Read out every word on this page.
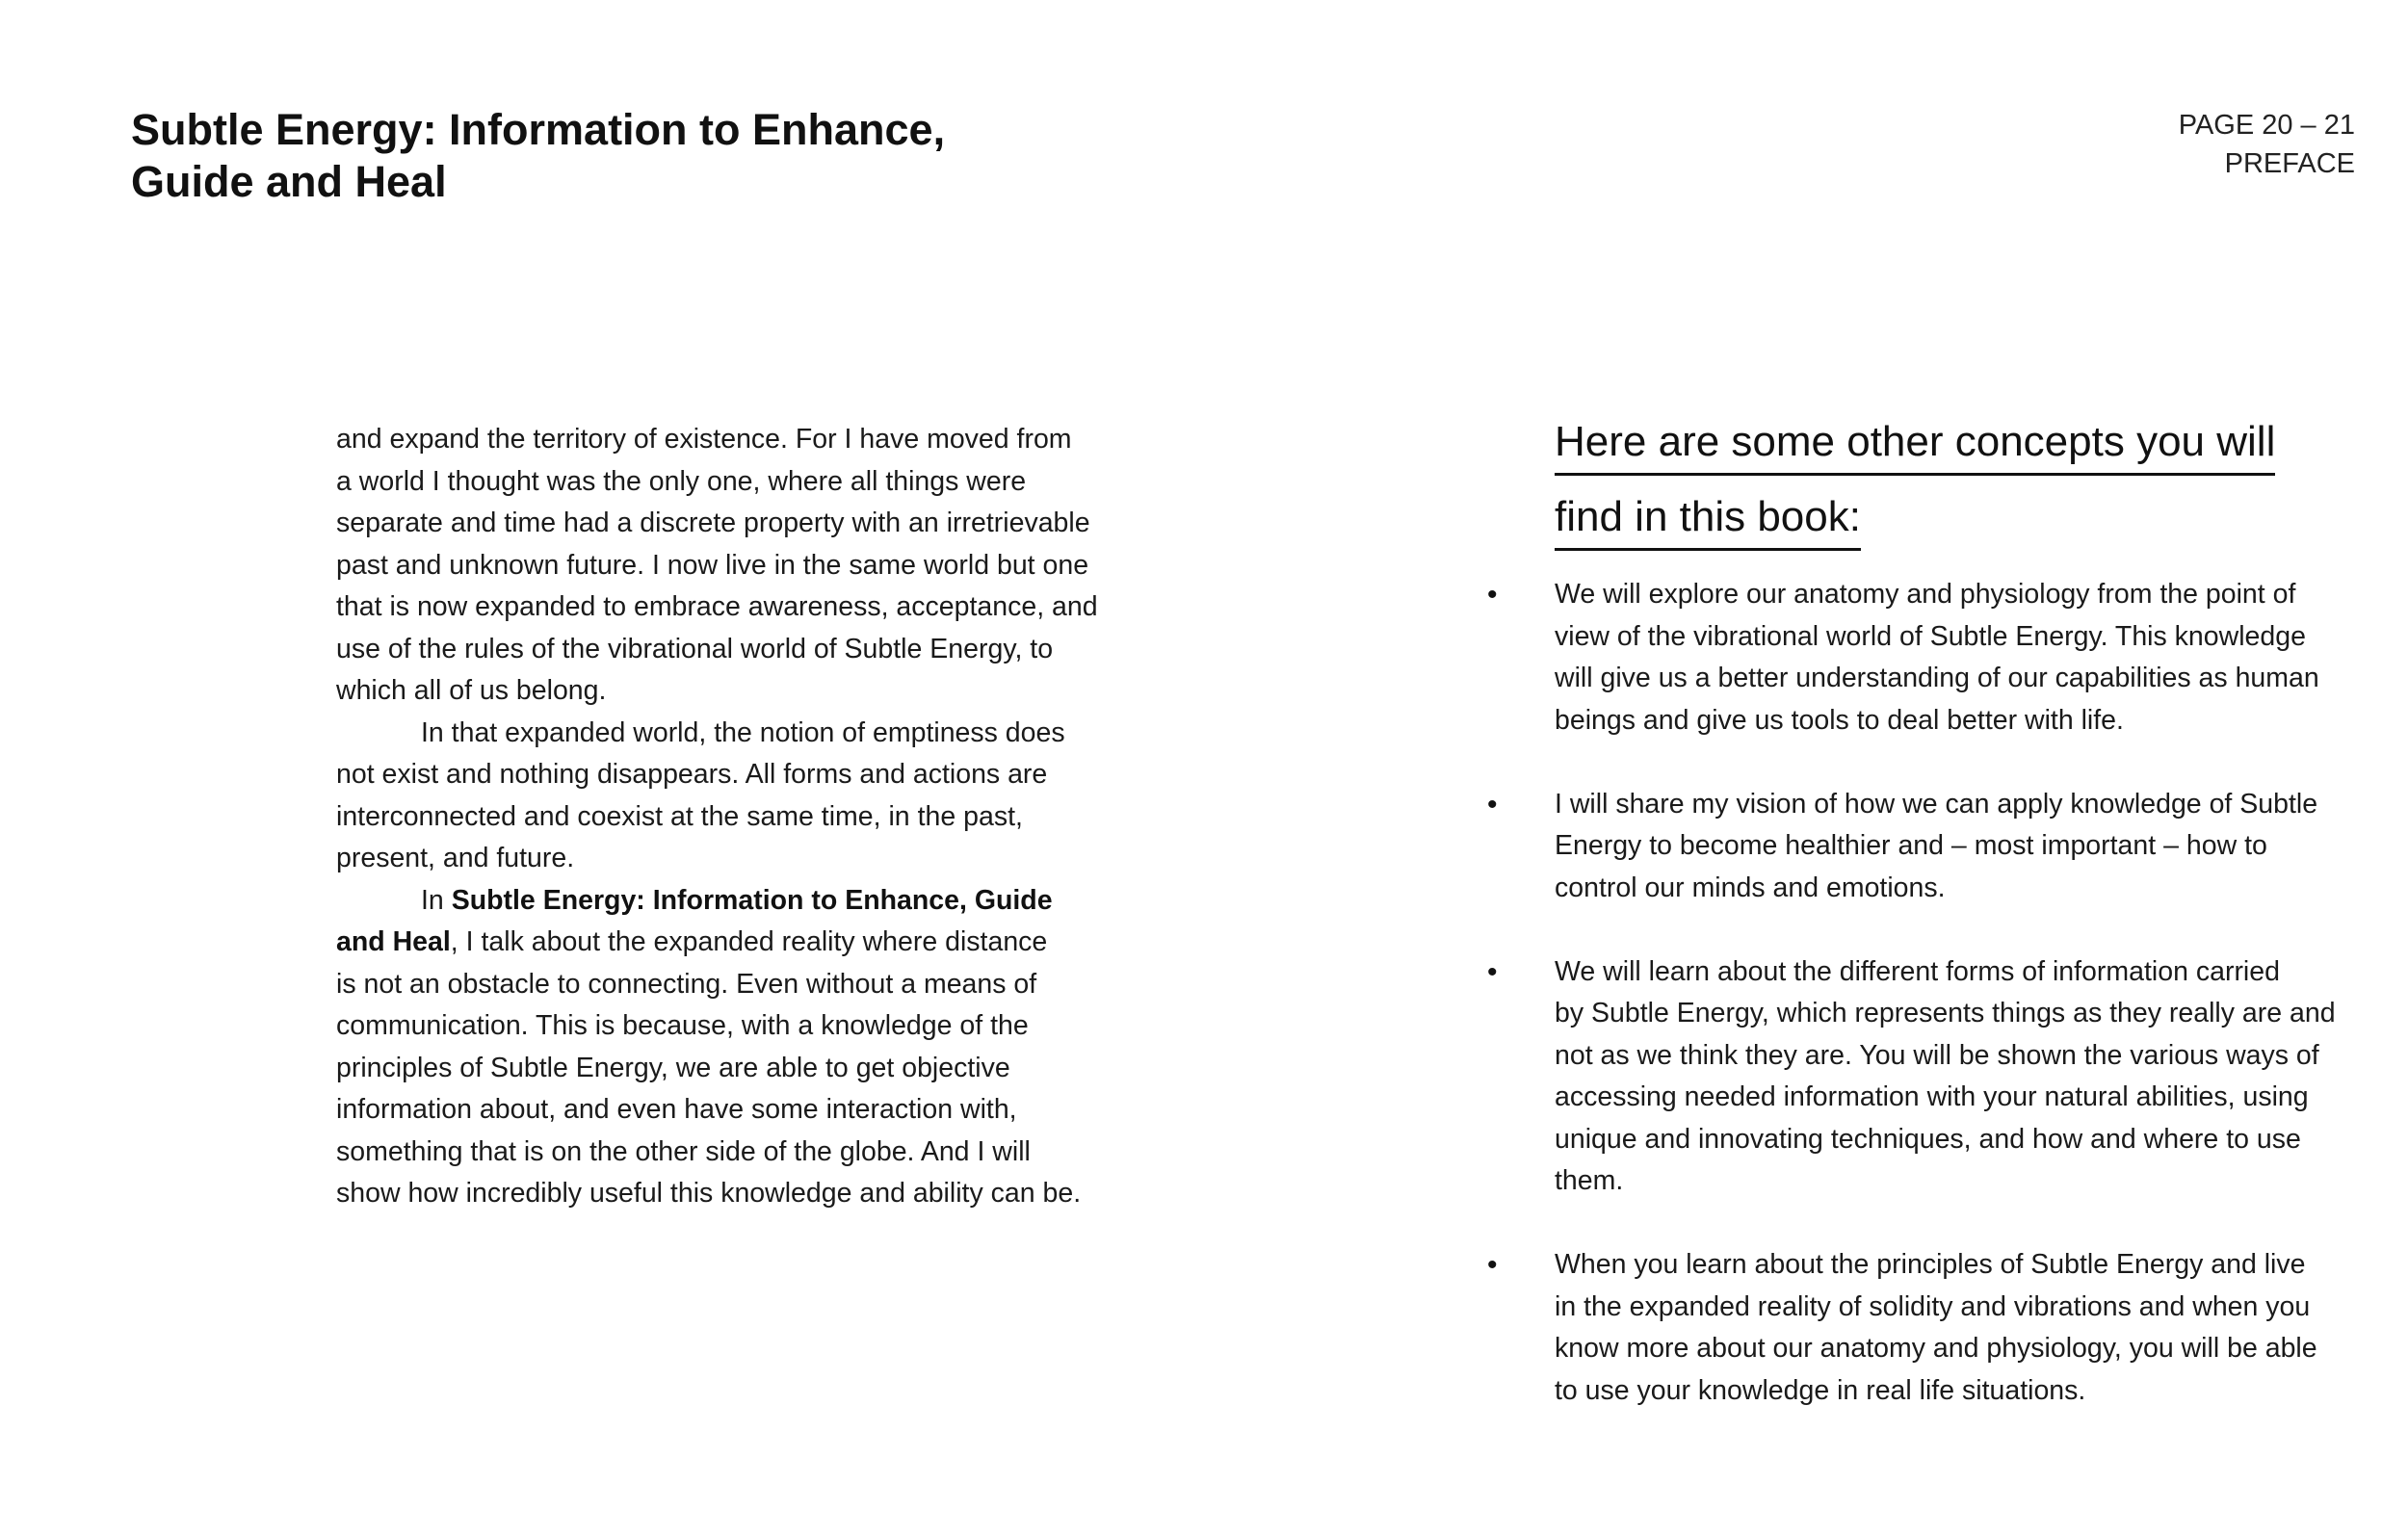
Subtle Energy: Information to Enhance,
Guide and Heal
PAGE 20 – 21
PREFACE

and expand the territory of existence. For I have moved from

a world I thought was the only one, where all things were

separate and time had a discrete property with an irretrievable

past and unknown future. I now live in the same world but one

that is now expanded to embrace awareness, acceptance, and

use of the rules of the vibrational world of Subtle Energy, to

which all of us belong.

In that expanded world, the notion of emptiness does

not exist and nothing disappears. All forms and actions are

interconnected and coexist at the same time, in the past,

present, and future.

In Subtle Energy: Information to Enhance, Guide

and Heal, I talk about the expanded reality where distance

is not an obstacle to connecting. Even without a means of

communication. This is because, with a knowledge of the

principles of Subtle Energy, we are able to get objective

information about, and even have some interaction with,

something that is on the other side of the globe. And I will

show how incredibly useful this knowledge and ability can be.

Here are some other concepts you will
find in this book:
• We will explore our anatomy and physiology from the point of
view of the vibrational world of Subtle Energy. This knowledge
will give us a better understanding of our capabilities as human
beings and give us tools to deal better with life.
• I will share my vision of how we can apply knowledge of Subtle
Energy to become healthier and – most important – how to
control our minds and emotions.
• We will learn about the different forms of information carried
by Subtle Energy, which represents things as they really are and
not as we think they are. You will be shown the various ways of
accessing needed information with your natural abilities, using
unique and innovating techniques, and how and where to use
them.
• When you learn about the principles of Subtle Energy and live
in the expanded reality of solidity and vibrations and when you
know more about our anatomy and physiology, you will be able
to use your knowledge in real life situations.
